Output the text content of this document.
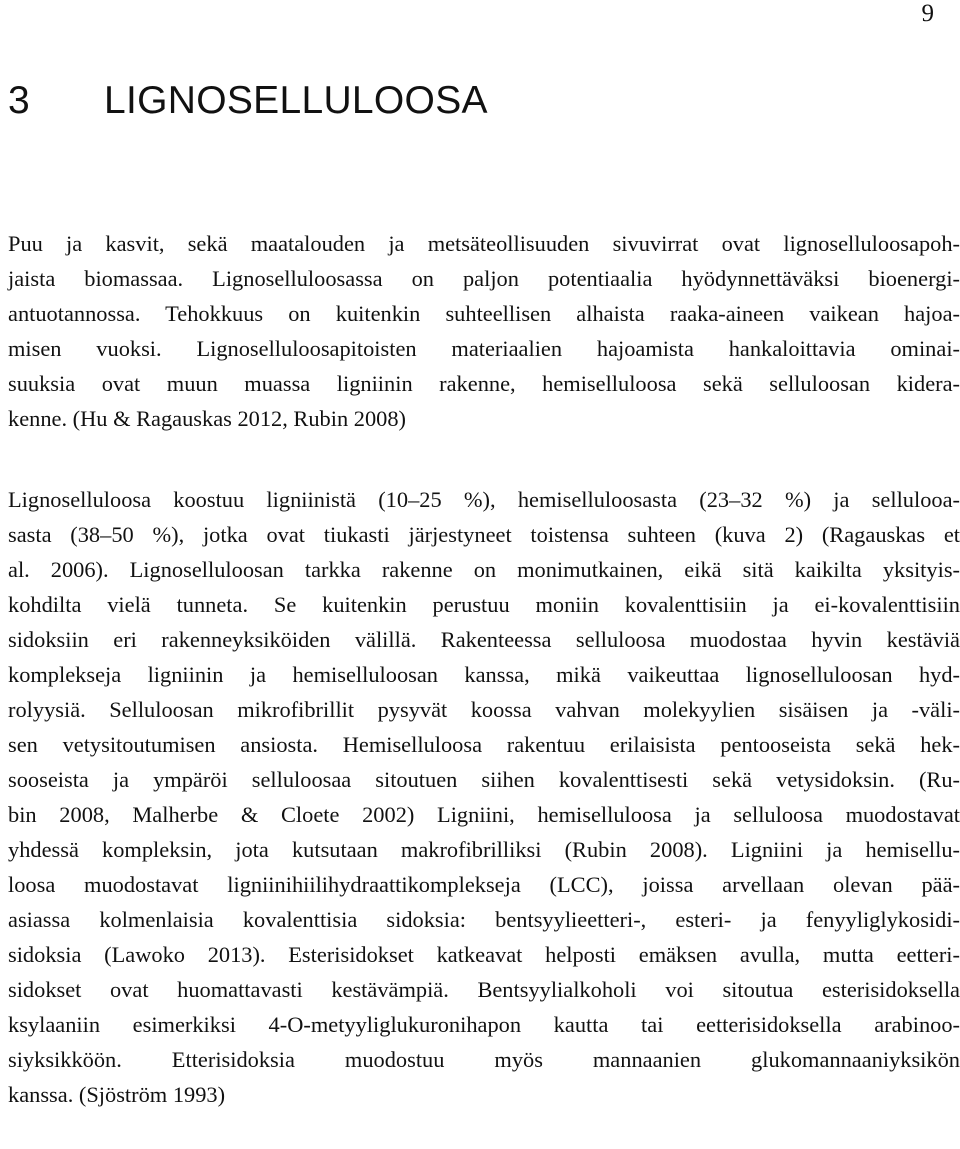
9
3 LIGNOSELLULOOSA

Puu ja kasvit, sekä maatalouden ja metsäteollisuuden sivuvirrat ovat lignoselluloosapoh-
jaista biomassaa. Lignoselluloosassa on paljon potentiaalia hyödynnettäväksi bioenergi-
antuotannossa. Tehokkuus on kuitenkin suhteellisen alhaista raaka-aineen vaikean hajoa-
misen vuoksi. Lignoselluloosapitoisten materiaalien hajoamista hankaloittavia ominai-
suuksia ovat muun muassa ligniinin rakenne, hemiselluloosa sekä selluloosan kidera-
kenne. (Hu & Ragauskas 2012, Rubin 2008)

Lignoselluloosa koostuu ligniinistä (10–25 %), hemiselluloosasta (23–32 %) ja sellulooa-
sasta (38–50 %), jotka ovat tiukasti järjestyneet toistensa suhteen (kuva 2) (Ragauskas et
al. 2006). Lignoselluloosan tarkka rakenne on monimutkainen, eikä sitä kaikilta yksityis-
kohdilta vielä tunneta. Se kuitenkin perustuu moniin kovalenttisiin ja ei-kovalenttisiin
sidoksiin eri rakenneyksiköiden välillä. Rakenteessa selluloosa muodostaa hyvin kestäviä
komplekseja ligniinin ja hemiselluloosan kanssa, mikä vaikeuttaa lignoselluloosan hyd-
rolyysiä. Selluloosan mikrofibrillit pysyvät koossa vahvan molekyylien sisäisen ja -väli-
sen vetysitoutumisen ansiosta. Hemiselluloosa rakentuu erilaisista pentooseista sekä hek-
sooseista ja ympäröi selluloosaa sitoutuen siihen kovalenttisesti sekä vetysidoksin. (Ru-
bin 2008, Malherbe & Cloete 2002) Ligniini, hemiselluloosa ja selluloosa muodostavat
yhdessä kompleksin, jota kutsutaan makrofibrilliksi (Rubin 2008). Ligniini ja hemisellu-
loosa muodostavat ligniinihiilihydraattikomplekseja (LCC), joissa arvellaan olevan pää-
asiassa kolmenlaisia kovalenttisia sidoksia: bentsyylieetteri-, esteri- ja fenyyliglykosidi-
sidoksia (Lawoko 2013). Esterisidokset katkeavat helposti emäksen avulla, mutta eetteri-
sidokset ovat huomattavasti kestävämpiä. Bentsyylialkoholi voi sitoutua esterisidoksella
ksylaaniin esimerkiksi 4-O-metyyliglukuronihapon kautta tai eetterisidoksella arabinoo-
siyksikköön. Etterisidoksia muodostuu myös mannaanien glukomannaaniyksikön
kanssa. (Sjöström 1993)
